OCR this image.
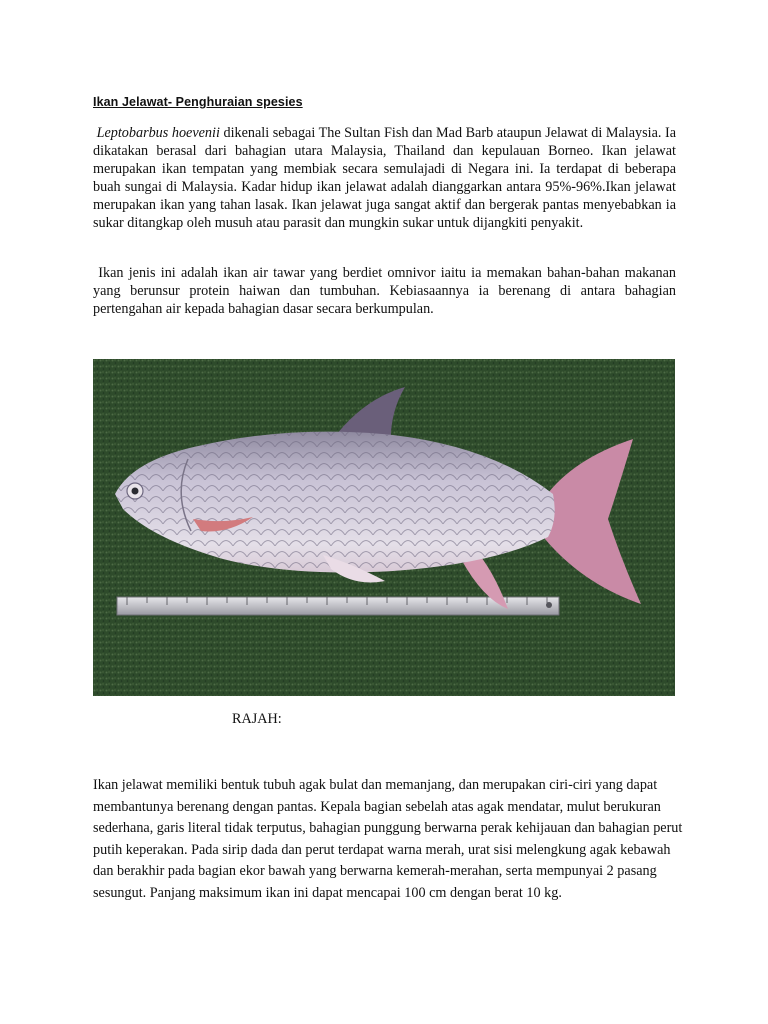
Ikan Jelawat- Penghuraian spesies

Leptobarbus hoevenii dikenali sebagai The Sultan Fish dan Mad Barb ataupun Jelawat di Malaysia. Ia dikatakan berasal dari bahagian utara Malaysia, Thailand dan kepulauan Borneo. Ikan jelawat merupakan ikan tempatan yang membiak secara semulajadi di Negara ini. Ia terdapat di beberapa buah sungai di Malaysia. Kadar hidup ikan jelawat adalah dianggarkan antara 95%-96%.Ikan jelawat merupakan ikan yang tahan lasak. Ikan jelawat juga sangat aktif dan bergerak pantas menyebabkan ia sukar ditangkap oleh musuh atau parasit dan mungkin sukar untuk dijangkiti penyakit.

Ikan jenis ini adalah ikan air tawar yang berdiet omnivor iaitu ia memakan bahan-bahan makanan yang berunsur protein haiwan dan tumbuhan. Kebiasaannya ia berenang di antara bahagian pertengahan air kepada bahagian dasar secara berkumpulan.

RAJAH:

Ikan jelawat memiliki bentuk tubuh agak bulat dan memanjang, dan merupakan ciri-ciri yang dapat membantunya berenang dengan pantas. Kepala bagian sebelah atas agak mendatar, mulut berukuran sederhana, garis literal tidak terputus, bahagian punggung berwarna perak kehijauan dan bahagian perut putih keperakan. Pada sirip dada dan perut terdapat warna merah, urat sisi melengkung agak kebawah dan berakhir pada bagian ekor bawah yang berwarna kemerah-merahan, serta mempunyai 2 pasang sesungut. Panjang maksimum ikan ini dapat mencapai 100 cm dengan berat 10 kg.
